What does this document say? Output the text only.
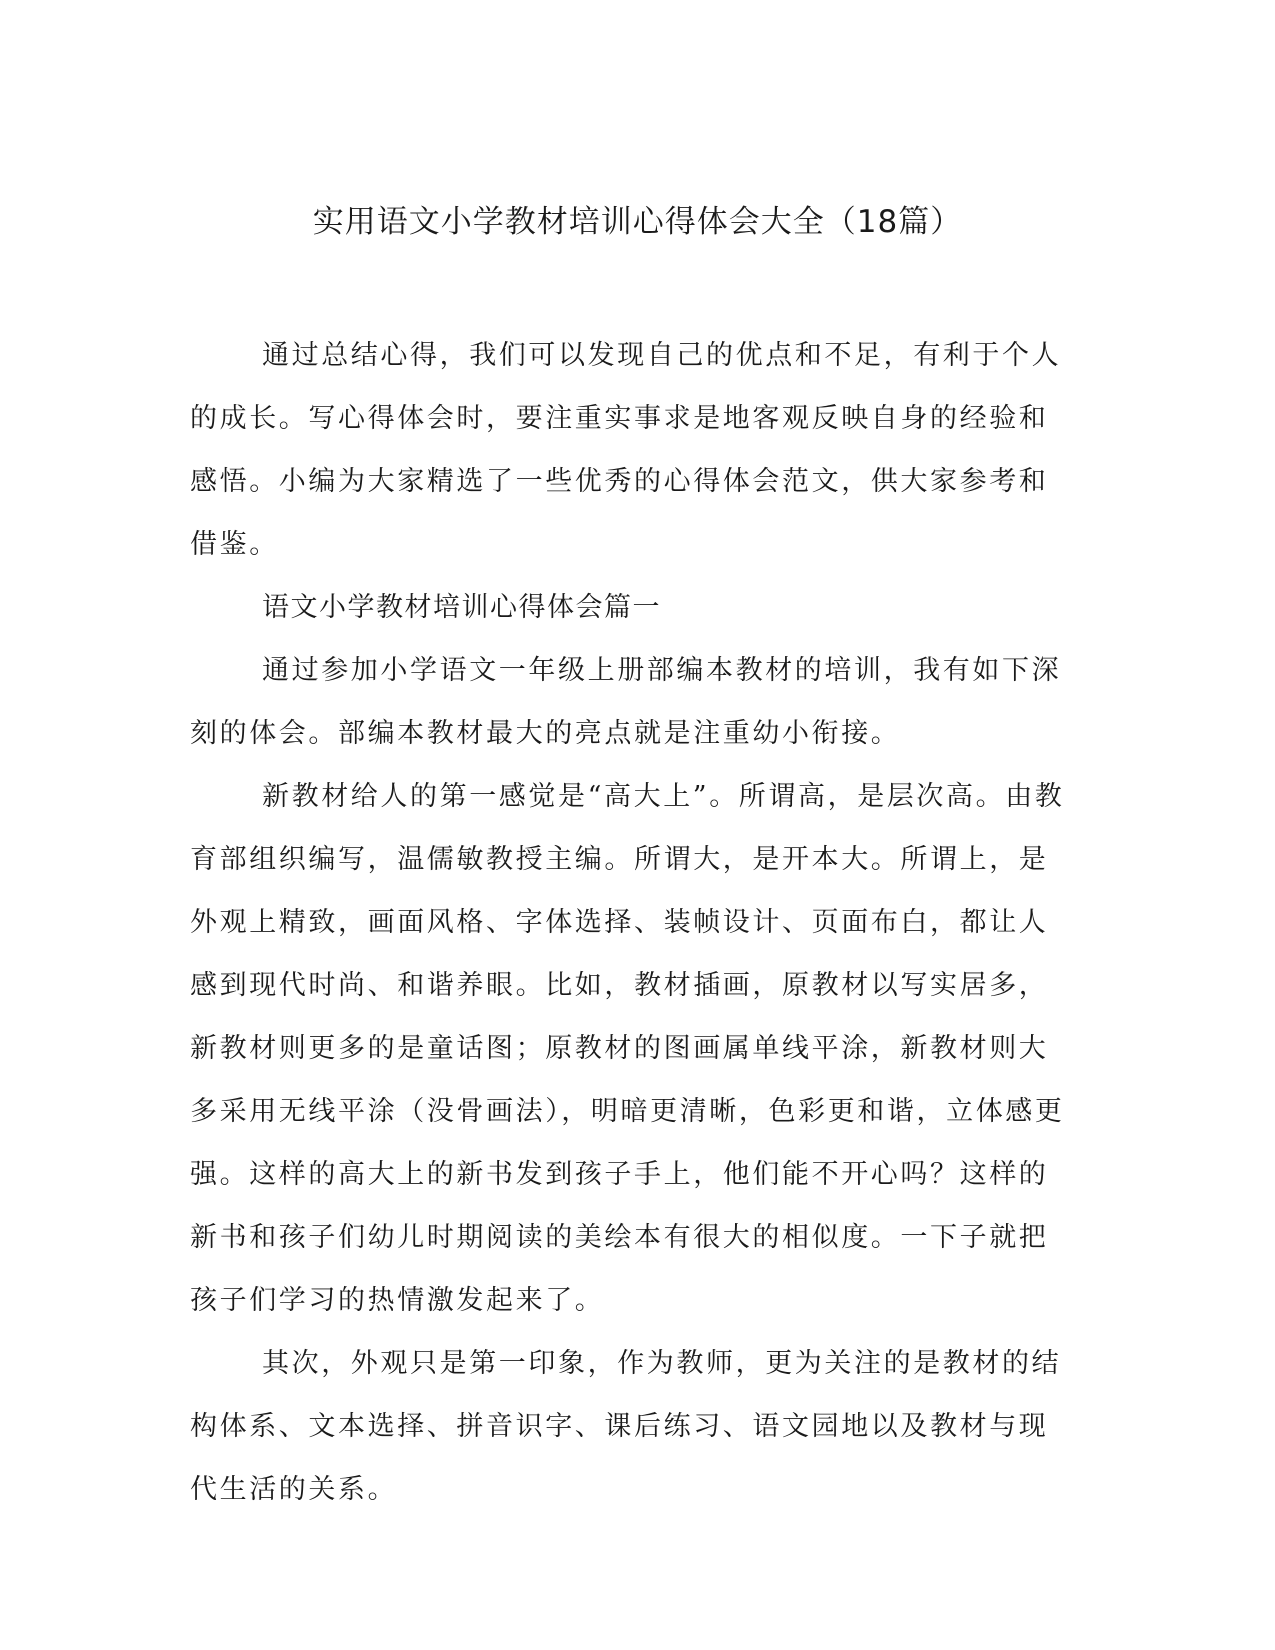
实用语文小学教材培训心得体会大全（18篇）

通过总结心得，我们可以发现自己的优点和不足，有利于个人的成长。写心得体会时，要注重实事求是地客观反映自身的经验和感悟。小编为大家精选了一些优秀的心得体会范文，供大家参考和借鉴。

语文小学教材培训心得体会篇一

通过参加小学语文一年级上册部编本教材的培训，我有如下深刻的体会。部编本教材最大的亮点就是注重幼小衔接。

新教材给人的第一感觉是“高大上”。所谓高，是层次高。由教育部组织编写，温儒敏教授主编。所谓大，是开本大。所谓上，是外观上精致，画面风格、字体选择、装帧设计、页面布白，都让人感到现代时尚、和谐养眼。比如，教材插画，原教材以写实居多，新教材则更多的是童话图；原教材的图画属单线平涂，新教材则大多采用无线平涂（没骨画法），明暗更清晰，色彩更和谐，立体感更强。这样的高大上的新书发到孩子手上，他们能不开心吗？这样的新书和孩子们幼儿时期阅读的美绘本有很大的相似度。一下子就把孩子们学习的热情激发起来了。

其次，外观只是第一印象，作为教师，更为关注的是教材的结构体系、文本选择、拼音识字、课后练习、语文园地以及教材与现代生活的关系。
